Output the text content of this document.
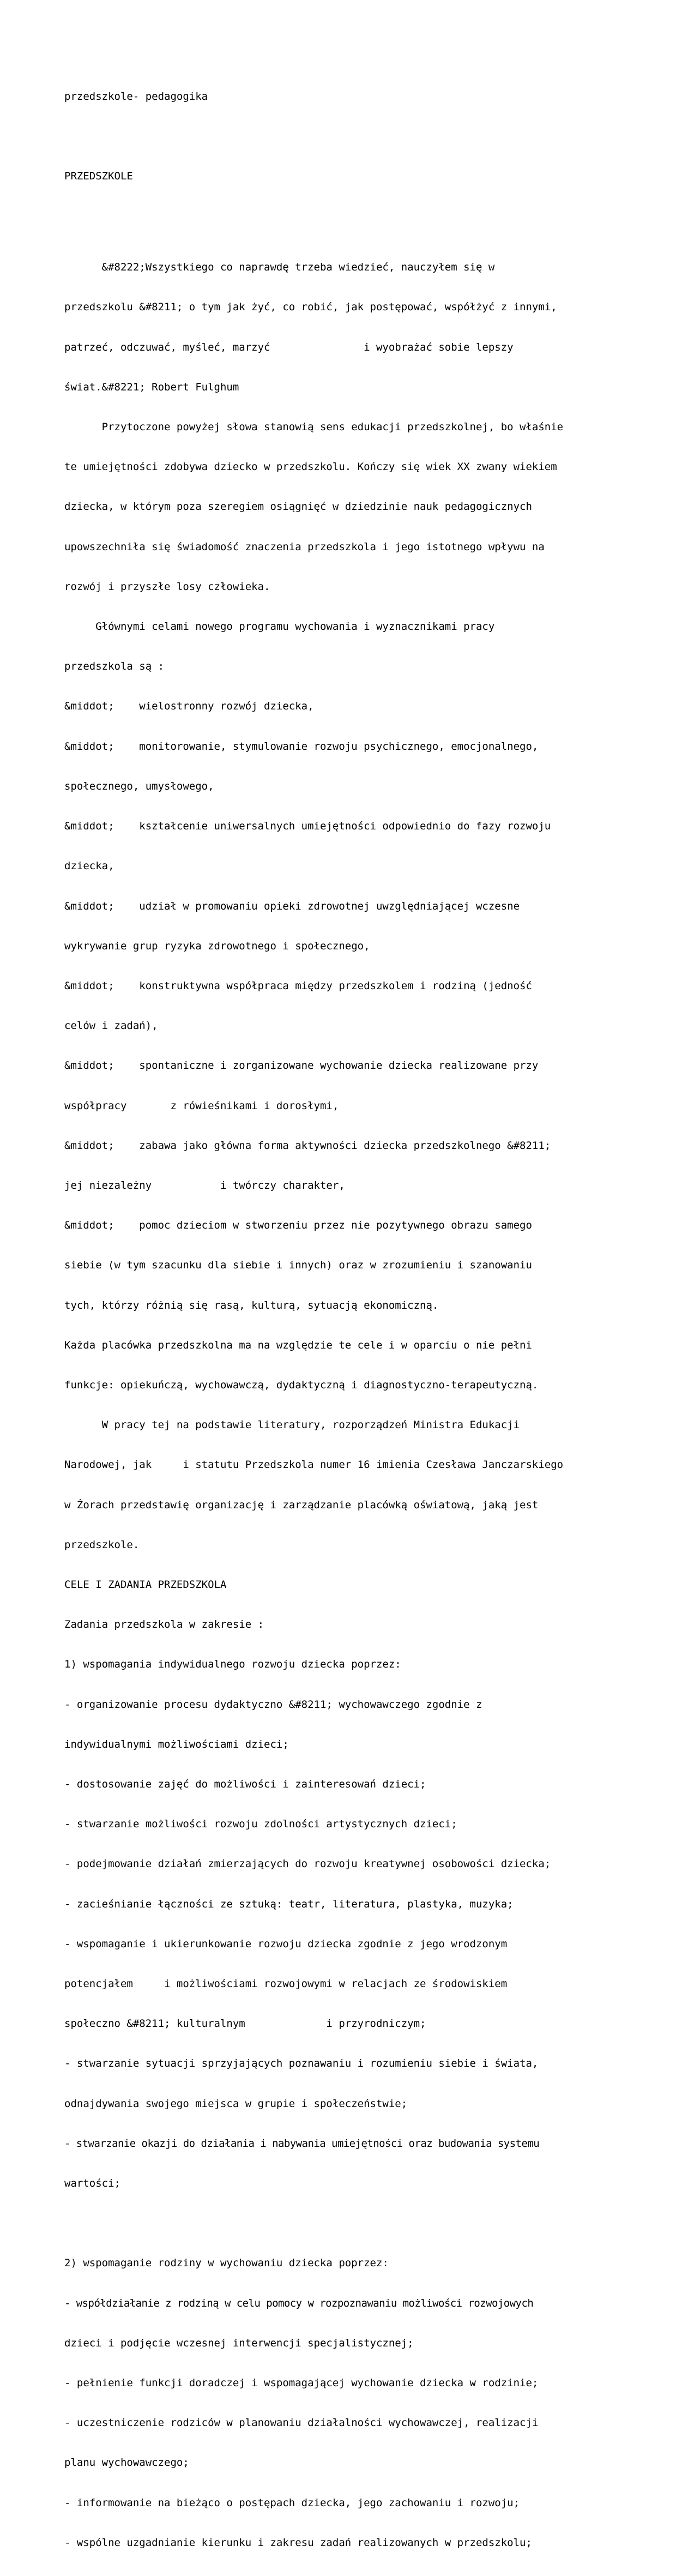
przedszkole- pedagogika

PRZEDSZKOLE

&#8222;Wszystkiego co naprawdę trzeba wiedzieć, nauczyłem się w

przedszkolu &#8211; o tym jak żyć, co robić, jak postępować, współżyć z innymi,

patrzeć, odczuwać, myśleć, marzyć               i wyobrażać sobie lepszy

świat.&#8221; Robert Fulghum

Przytoczone powyżej słowa stanowią sens edukacji przedszkolnej, bo właśnie

te umiejętności zdobywa dziecko w przedszkolu. Kończy się wiek XX zwany wiekiem

dziecka, w którym poza szeregiem osiągnięć w dziedzinie nauk pedagogicznych

upowszechniła się świadomość znaczenia przedszkola i jego istotnego wpływu na

rozwój i przyszłe losy człowieka.

Głównymi celami nowego programu wychowania i wyznacznikami pracy

przedszkola są :

&middot;    wielostronny rozwój dziecka,

&middot;    monitorowanie, stymulowanie rozwoju psychicznego, emocjonalnego,

społecznego, umysłowego,

&middot;    kształcenie uniwersalnych umiejętności odpowiednio do fazy rozwoju

dziecka,

&middot;    udział w promowaniu opieki zdrowotnej uwzględniającej wczesne

wykrywanie grup ryzyka zdrowotnego i społecznego,

&middot;    konstruktywna współpraca między przedszkolem i rodziną (jedność

celów i zadań),

&middot;    spontaniczne i zorganizowane wychowanie dziecka realizowane przy

współpracy       z rówieśnikami i dorosłymi,

&middot;    zabawa jako główna forma aktywności dziecka przedszkolnego &#8211;

jej niezależny           i twórczy charakter,

&middot;    pomoc dzieciom w stworzeniu przez nie pozytywnego obrazu samego

siebie (w tym szacunku dla siebie i innych) oraz w zrozumieniu i szanowaniu

tych, którzy różnią się rasą, kulturą, sytuacją ekonomiczną.

Każda placówka przedszkolna ma na względzie te cele i w oparciu o nie pełni

funkcje: opiekuńczą, wychowawczą, dydaktyczną i diagnostyczno-terapeutyczną.

W pracy tej na podstawie literatury, rozporządzeń Ministra Edukacji

Narodowej, jak     i statutu Przedszkola numer 16 imienia Czesława Janczarskiego

w Żorach przedstawię organizację i zarządzanie placówką oświatową, jaką jest

przedszkole.

CELE I ZADANIA PRZEDSZKOLA

Zadania przedszkola w zakresie :

1) wspomagania indywidualnego rozwoju dziecka poprzez:

- organizowanie procesu dydaktyczno &#8211; wychowawczego zgodnie z

indywidualnymi możliwościami dzieci;

- dostosowanie zajęć do możliwości i zainteresowań dzieci;

- stwarzanie możliwości rozwoju zdolności artystycznych dzieci;

- podejmowanie działań zmierzających do rozwoju kreatywnej osobowości dziecka;

- zacieśnianie łączności ze sztuką: teatr, literatura, plastyka, muzyka;

- wspomaganie i ukierunkowanie rozwoju dziecka zgodnie z jego wrodzonym

potencjałem     i możliwościami rozwojowymi w relacjach ze środowiskiem

społeczno &#8211; kulturalnym             i przyrodniczym;

- stwarzanie sytuacji sprzyjających poznawaniu i rozumieniu siebie i świata,

odnajdywania swojego miejsca w grupie i społeczeństwie;

- stwarzanie okazji do działania i nabywania umiejętności oraz budowania systemu

wartości;

2) wspomaganie rodziny w wychowaniu dziecka poprzez:

- współdziałanie z rodziną w celu pomocy w rozpoznawaniu możliwości rozwojowych

dzieci i podjęcie wczesnej interwencji specjalistycznej;

- pełnienie funkcji doradczej i wspomagającej wychowanie dziecka w rodzinie;

- uczestniczenie rodziców w planowaniu działalności wychowawczej, realizacji

planu wychowawczego;

- informowanie na bieżąco o postępach dziecka, jego zachowaniu i rozwoju;

- wspólne uzgadnianie kierunku i zakresu zadań realizowanych w przedszkolu;
